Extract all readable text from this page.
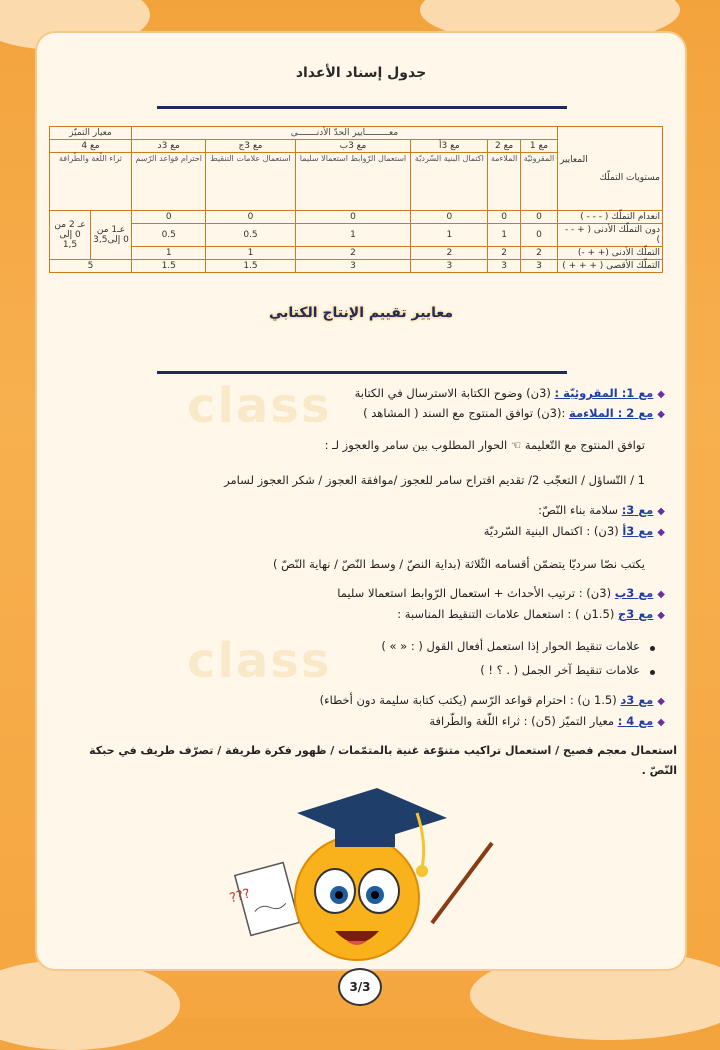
جدول إسناد الأعداد
المعايير
مستويات التملّك	معـــــــــايير الحدّ الأدنـــــــى						معيار التميّز	
	مع 1	مع 2	مع 3أ	مع 3ب	مع 3ج	مع 3د	مع 4	
	المقروئيّة	الملاءمة	اكتمال البنية السّرديّة	استعمال الرّوابط استعمالا سليما	استعمال علامات التنقيط	احترام قواعد الرّسم	ثراء اللّغة والطّرافة	
انعدام التملّك ( - - - )	0	0	0	0	0	0	عـ1 من 0 إلى3,5	عـ 2 من 0 إلى 1,5
دون التملّك الأدنى ( + - - )	0	1	1	1	0.5	0.5		
التملّك الأدنى (+ + -)	2	2	2	2	1	1		
التملّك الأقصى ( + + + )	3	3	3	3	1.5	1.5	5	
معايير تقييم الإنتاج الكتابي
class
class
◆مع 1: المقروئيّة : (3ن) وضوح الكتابة الاسترسال في الكتابة
◆مع 2 : الملاءمة :(3ن) توافق المنتوج مع السند ( المشاهد )
توافق المنتوج مع التّعليمة ☜ الحوار المطلوب بين سامر والعجوز لـ :
1 / التّساؤل / التعجّب 2/ تقديم اقتراح سامر للعجوز /موافقة العجوز / شكر العجوز لسامر
◆مع 3: سلامة بناء النّصّ:
◆مع 3أ (3ن) : اكتمال البنية السّرديّة
يكتب نصّا سرديّا يتضمّن أقسامه الثّلاثة (بداية النصّ / وسط النّصّ / نهاية النّصّ )
◆مع 3ب (3ن) : ترتيب الأحداث + استعمال الرّوابط استعمالا سليما
◆مع 3ج (1.5ن ) : استعمال علامات التنقيط المناسبة :
علامات تنقيط الحوار إذا استعمل أفعال القول ( : « » )
علامات تنقيط آخر الجمل ( . ؟ ! )
◆مع 3د (1.5 ن) : احترام قواعد الرّسم (يكتب كتابة سليمة دون أخطاء)
◆مع 4 : معيار التميّز (5ن) : ثراء اللّغة والطّرافة
استعمال معجم فصيح / استعمال تراكيب متنوّعة غنية بالمتمّمات / ظهور فكرة طريفة / تصرّف طريف في حبكة
النّصّ .
???
3/3
